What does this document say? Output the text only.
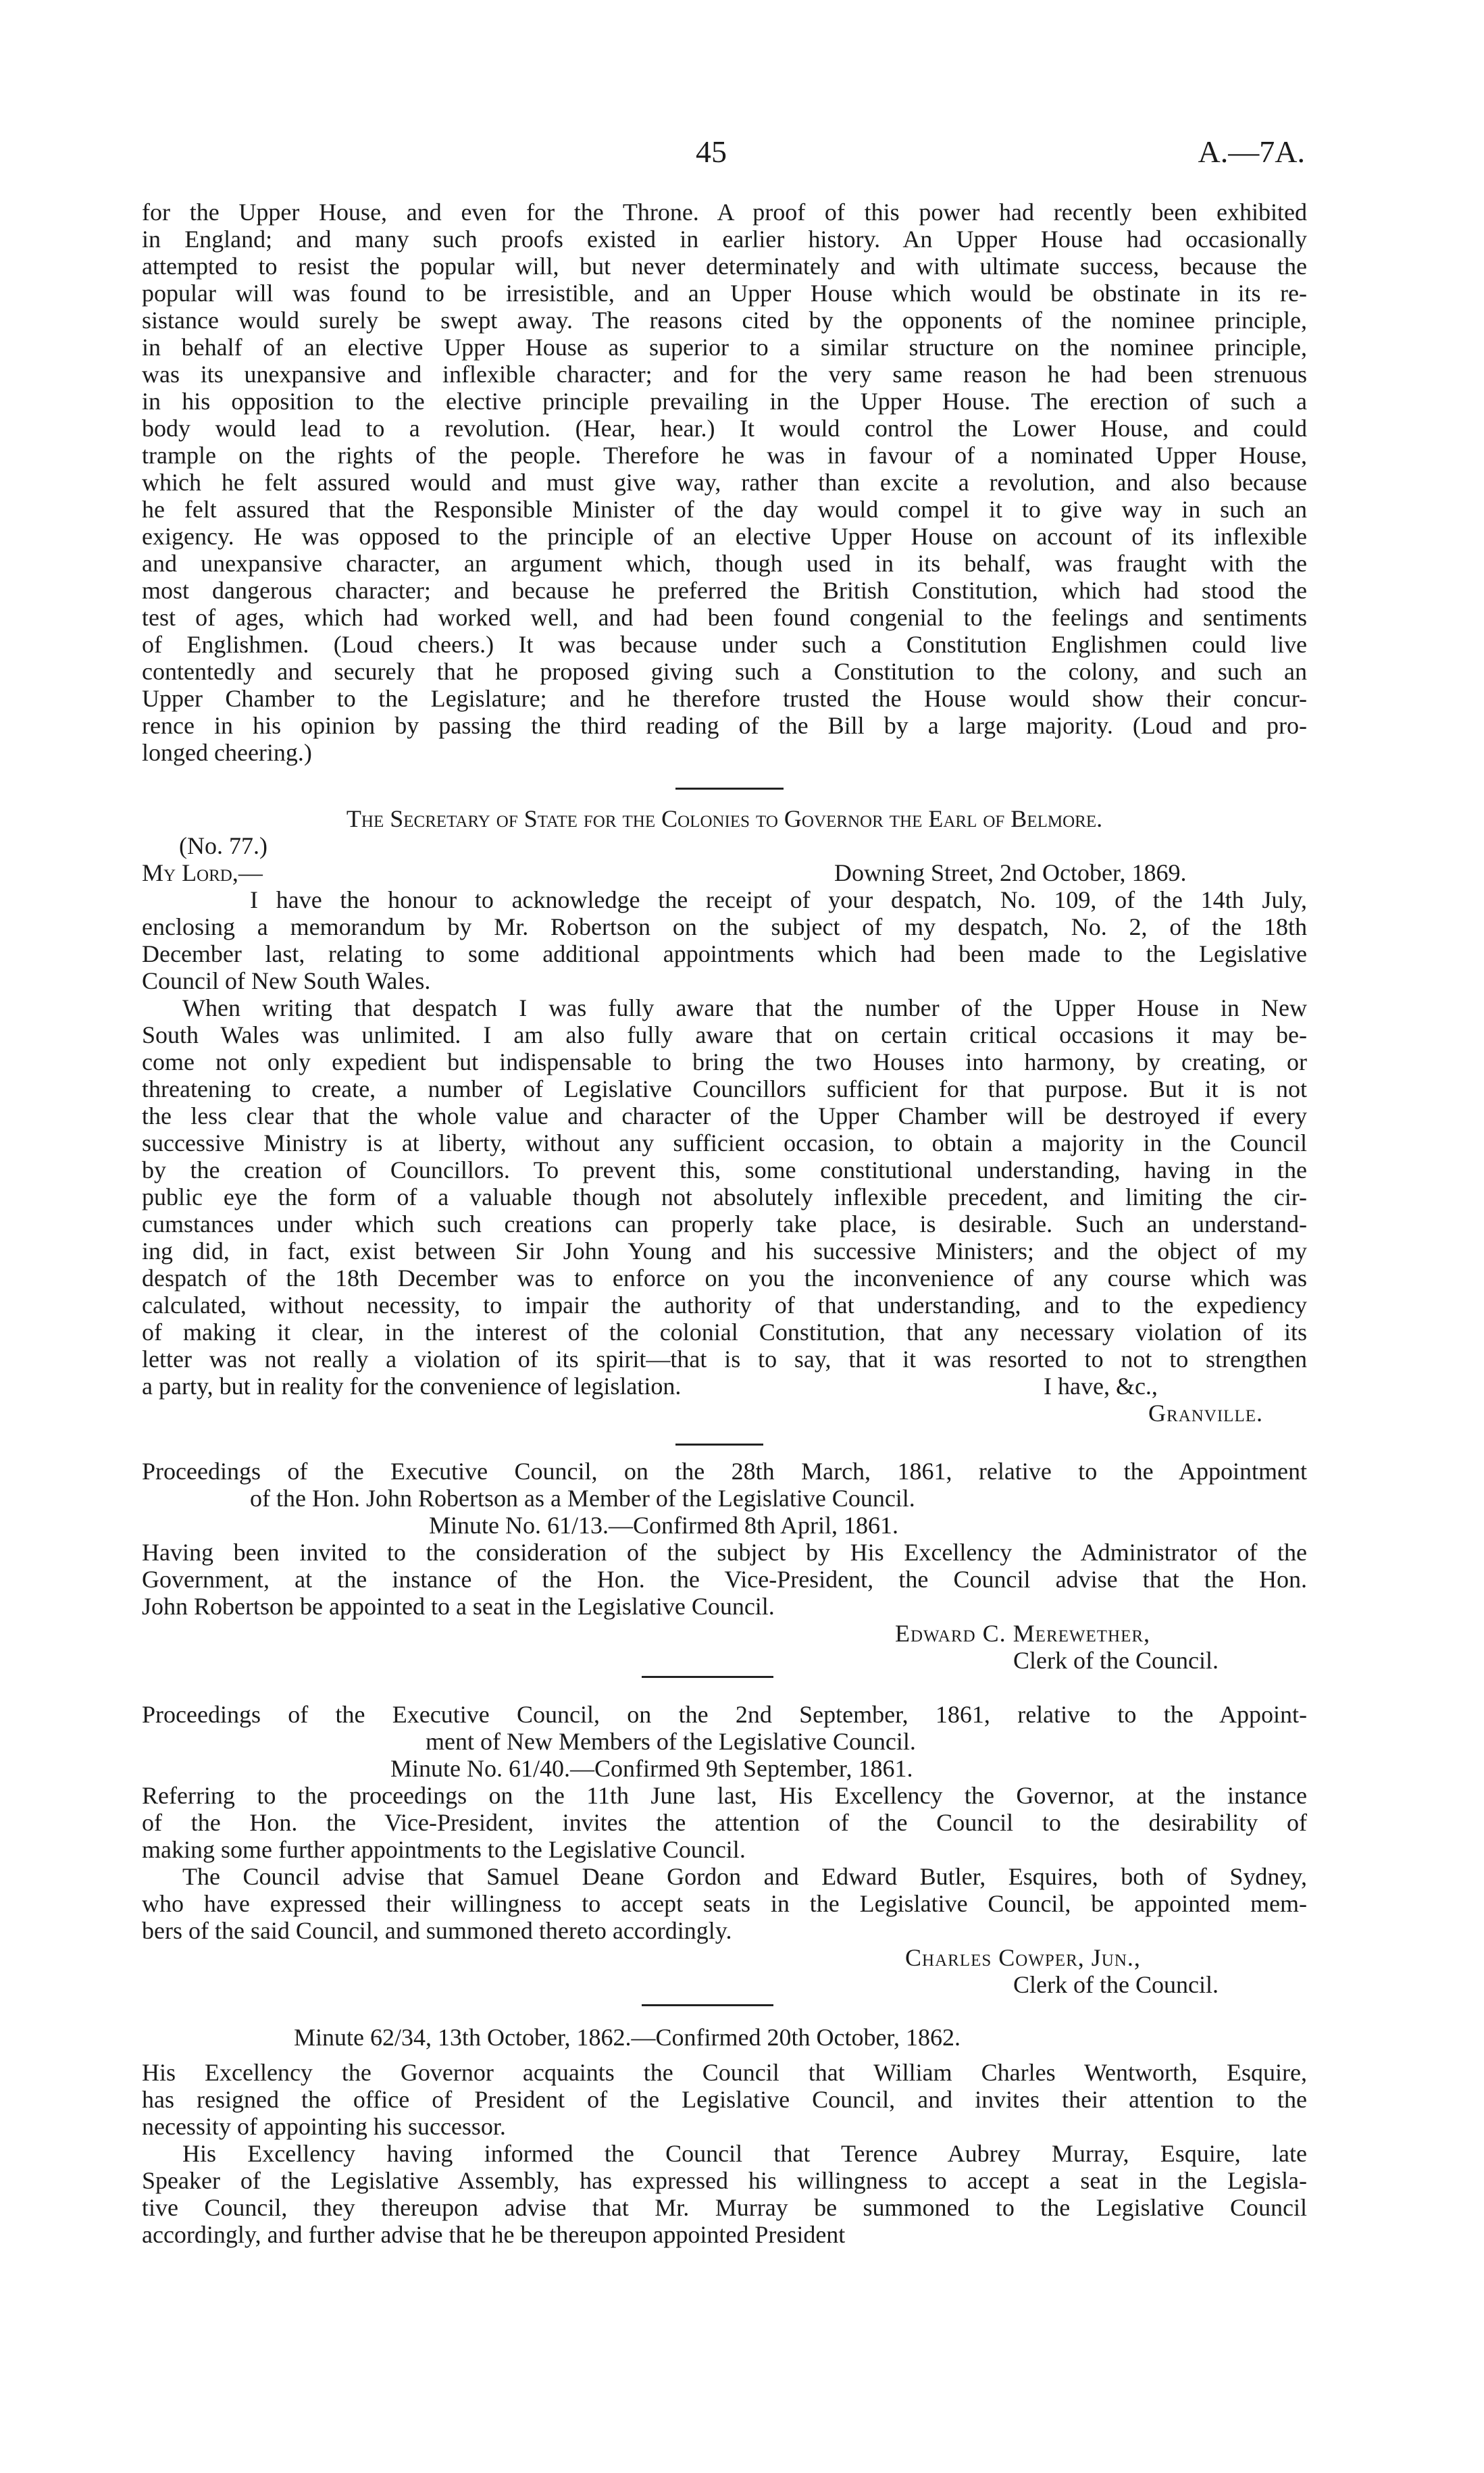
45	A.—7A.

for the Upper House, and even for the Throne. A proof of this power had recently been exhibited

in England; and many such proofs existed in earlier history. An Upper House had occasionally

attempted to resist the popular will, but never determinately and with ultimate success, because the

popular will was found to be irresistible, and an Upper House which would be obstinate in its re-

sistance would surely be swept away. The reasons cited by the opponents of the nominee principle,

in behalf of an elective Upper House as superior to a similar structure on the nominee principle,

was its unexpansive and inflexible character; and for the very same reason he had been strenuous

in his opposition to the elective principle prevailing in the Upper House. The erection of such a

body would lead to a revolution. (Hear, hear.) It would control the Lower House, and could

trample on the rights of the people. Therefore he was in favour of a nominated Upper House,

which he felt assured would and must give way, rather than excite a revolution, and also because

he felt assured that the Responsible Minister of the day would compel it to give way in such an

exigency. He was opposed to the principle of an elective Upper House on account of its inflexible

and unexpansive character, an argument which, though used in its behalf, was fraught with the

most dangerous character; and because he preferred the British Constitution, which had stood the

test of ages, which had worked well, and had been found congenial to the feelings and sentiments

of Englishmen. (Loud cheers.) It was because under such a Constitution Englishmen could live

contentedly and securely that he proposed giving such a Constitution to the colony, and such an

Upper Chamber to the Legislature; and he therefore trusted the House would show their concur-

rence in his opinion by passing the third reading of the Bill by a large majority. (Loud and pro-

longed cheering.)

The Secretary of State for the Colonies to Governor the Earl of Belmore.

(No. 77.)

My Lord,—	Downing Street, 2nd October, 1869.

I have the honour to acknowledge the receipt of your despatch, No. 109, of the 14th July,

enclosing a memorandum by Mr. Robertson on the subject of my despatch, No. 2, of the 18th

December last, relating to some additional appointments which had been made to the Legislative

Council of New South Wales.

When writing that despatch I was fully aware that the number of the Upper House in New

South Wales was unlimited. I am also fully aware that on certain critical occasions it may be-

come not only expedient but indispensable to bring the two Houses into harmony, by creating, or

threatening to create, a number of Legislative Councillors sufficient for that purpose. But it is not

the less clear that the whole value and character of the Upper Chamber will be destroyed if every

successive Ministry is at liberty, without any sufficient occasion, to obtain a majority in the Council

by the creation of Councillors. To prevent this, some constitutional understanding, having in the

public eye the form of a valuable though not absolutely inflexible precedent, and limiting the cir-

cumstances under which such creations can properly take place, is desirable. Such an understand-

ing did, in fact, exist between Sir John Young and his successive Ministers; and the object of my

despatch of the 18th December was to enforce on you the inconvenience of any course which was

calculated, without necessity, to impair the authority of that understanding, and to the expediency

of making it clear, in the interest of the colonial Constitution, that any necessary violation of its

letter was not really a violation of its spirit—that is to say, that it was resorted to not to strengthen

a party, but in reality for the convenience of legislation.	I have, &c.,

Granville.

Proceedings of the Executive Council, on the 28th March, 1861, relative to the Appointment

of the Hon. John Robertson as a Member of the Legislative Council.

Minute No. 61/13.—Confirmed 8th April, 1861.

Having been invited to the consideration of the subject by His Excellency the Administrator of the

Government, at the instance of the Hon. the Vice-President, the Council advise that the Hon.

John Robertson be appointed to a seat in the Legislative Council.

Edward C. Merewether,

Clerk of the Council.

Proceedings of the Executive Council, on the 2nd September, 1861, relative to the Appoint-

ment of New Members of the Legislative Council.

Minute No. 61/40.—Confirmed 9th September, 1861.

Referring to the proceedings on the 11th June last, His Excellency the Governor, at the instance

of the Hon. the Vice-President, invites the attention of the Council to the desirability of

making some further appointments to the Legislative Council.

The Council advise that Samuel Deane Gordon and Edward Butler, Esquires, both of Sydney,

who have expressed their willingness to accept seats in the Legislative Council, be appointed mem-

bers of the said Council, and summoned thereto accordingly.

Charles Cowper, Jun.,

Clerk of the Council.

Minute 62/34, 13th October, 1862.—Confirmed 20th October, 1862.

His Excellency the Governor acquaints the Council that William Charles Wentworth, Esquire,

has resigned the office of President of the Legislative Council, and invites their attention to the

necessity of appointing his successor.

His Excellency having informed the Council that Terence Aubrey Murray, Esquire, late

Speaker of the Legislative Assembly, has expressed his willingness to accept a seat in the Legisla-

tive Council, they thereupon advise that Mr. Murray be summoned to the Legislative Council

accordingly, and further advise that he be thereupon appointed President
